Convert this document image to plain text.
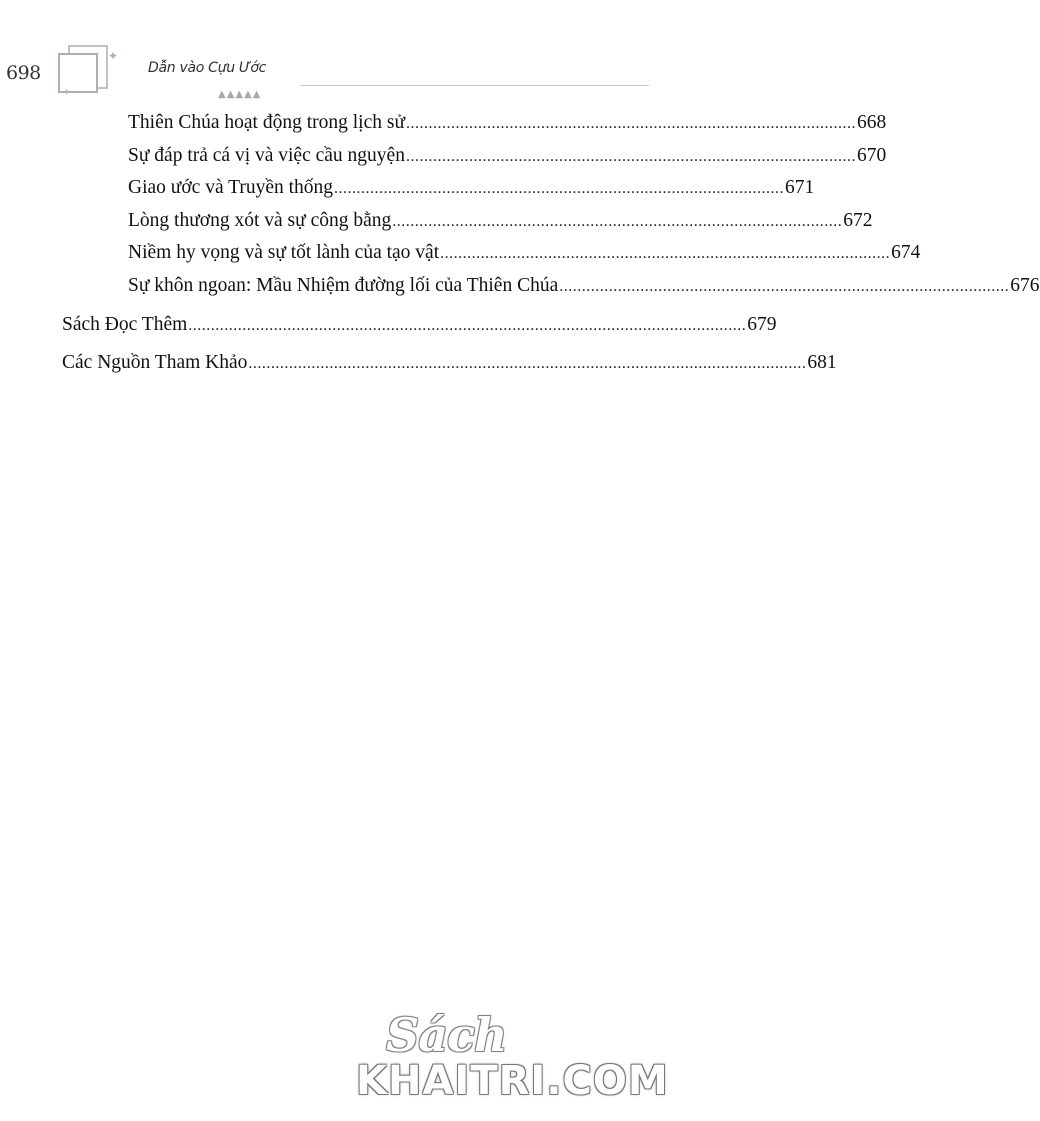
✦
✦
698	Dẫn vào Cựu Ước
▲▲▲▲▲
Thiên Chúa hoạt động trong lịch sử .................................................................................................... 668
Sự đáp trả cá vị và việc cầu nguyện .................................................................................................... 670
Giao ước và Truyền thống .................................................................................................... 671
Lòng thương xót và sự công bằng .................................................................................................... 672
Niềm hy vọng và sự tốt lành của tạo vật .................................................................................................... 674
Sự khôn ngoan: Mầu Nhiệm đường lối của Thiên Chúa .................................................................................................... 676
Sách Đọc Thêm ............................................................................................................................ 679
Các Nguồn Tham Khảo ............................................................................................................................ 681
Sách
KHAITRI.COM
